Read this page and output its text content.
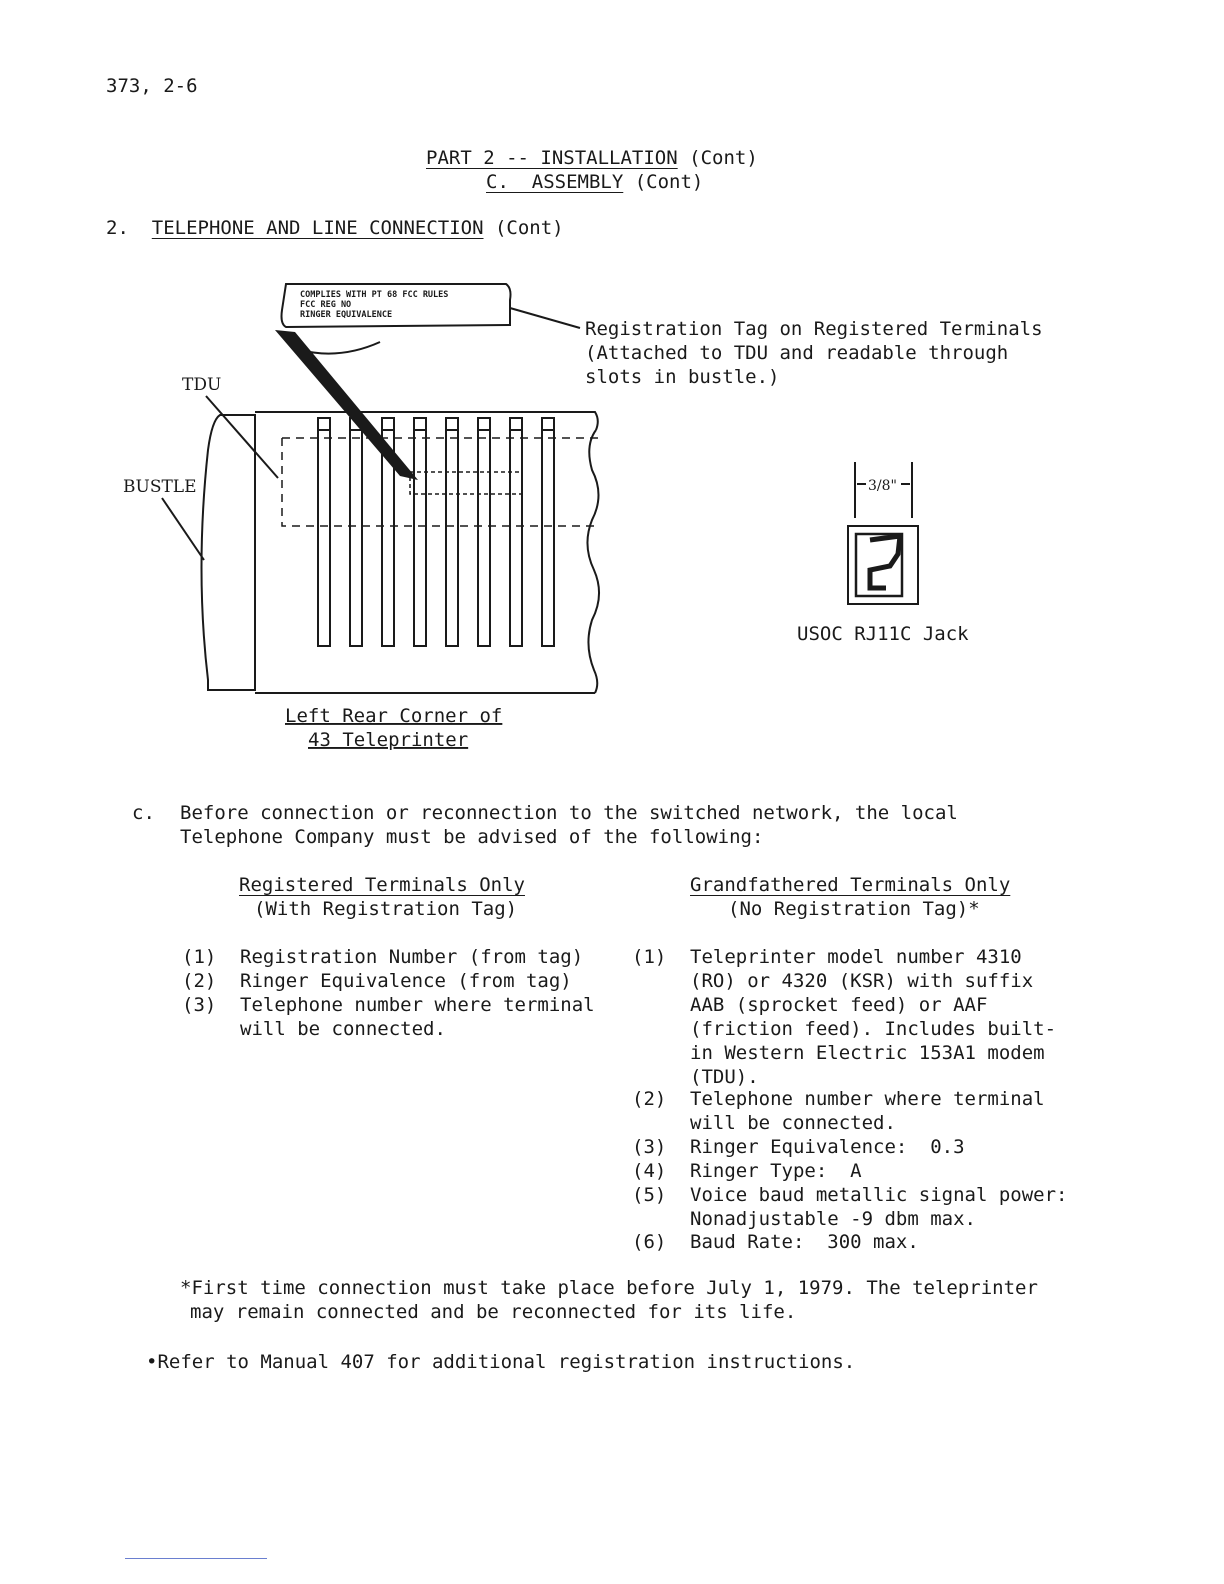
373, 2-6
PART 2 -- INSTALLATION (Cont)
C.  ASSEMBLY (Cont)
2. TELEPHONE AND LINE CONNECTION (Cont)
COMPLIES WITH PT 68 FCC RULES
FCC REG NO
RINGER EQUIVALENCE
Registration Tag on Registered Terminals
(Attached to TDU and readable through
slots in bustle.)
TDU
BUSTLE
Left Rear Corner of
43 Teleprinter
3/8"
USOC RJ11C Jack
c. Before connection or reconnection to the switched network, the local
Telephone Company must be advised of the following:
Registered Terminals Only
(With Registration Tag)
(1) Registration Number (from tag)
(2) Ringer Equivalence (from tag)
(3) Telephone number where terminal
will be connected.
Grandfathered Terminals Only
(No Registration Tag)*
(1) Teleprinter model number 4310
(RO) or 4320 (KSR) with suffix
AAB (sprocket feed) or AAF
(friction feed). Includes built-
in Western Electric 153A1 modem
(TDU).
(2) Telephone number where terminal
will be connected.
(3) Ringer Equivalence:  0.3
(4) Ringer Type:  A
(5) Voice baud metallic signal power:
Nonadjustable -9 dbm max.
(6) Baud Rate:  300 max.
*First time connection must take place before July 1, 1979. The teleprinter
may remain connected and be reconnected for its life.
•Refer to Manual 407 for additional registration instructions.
